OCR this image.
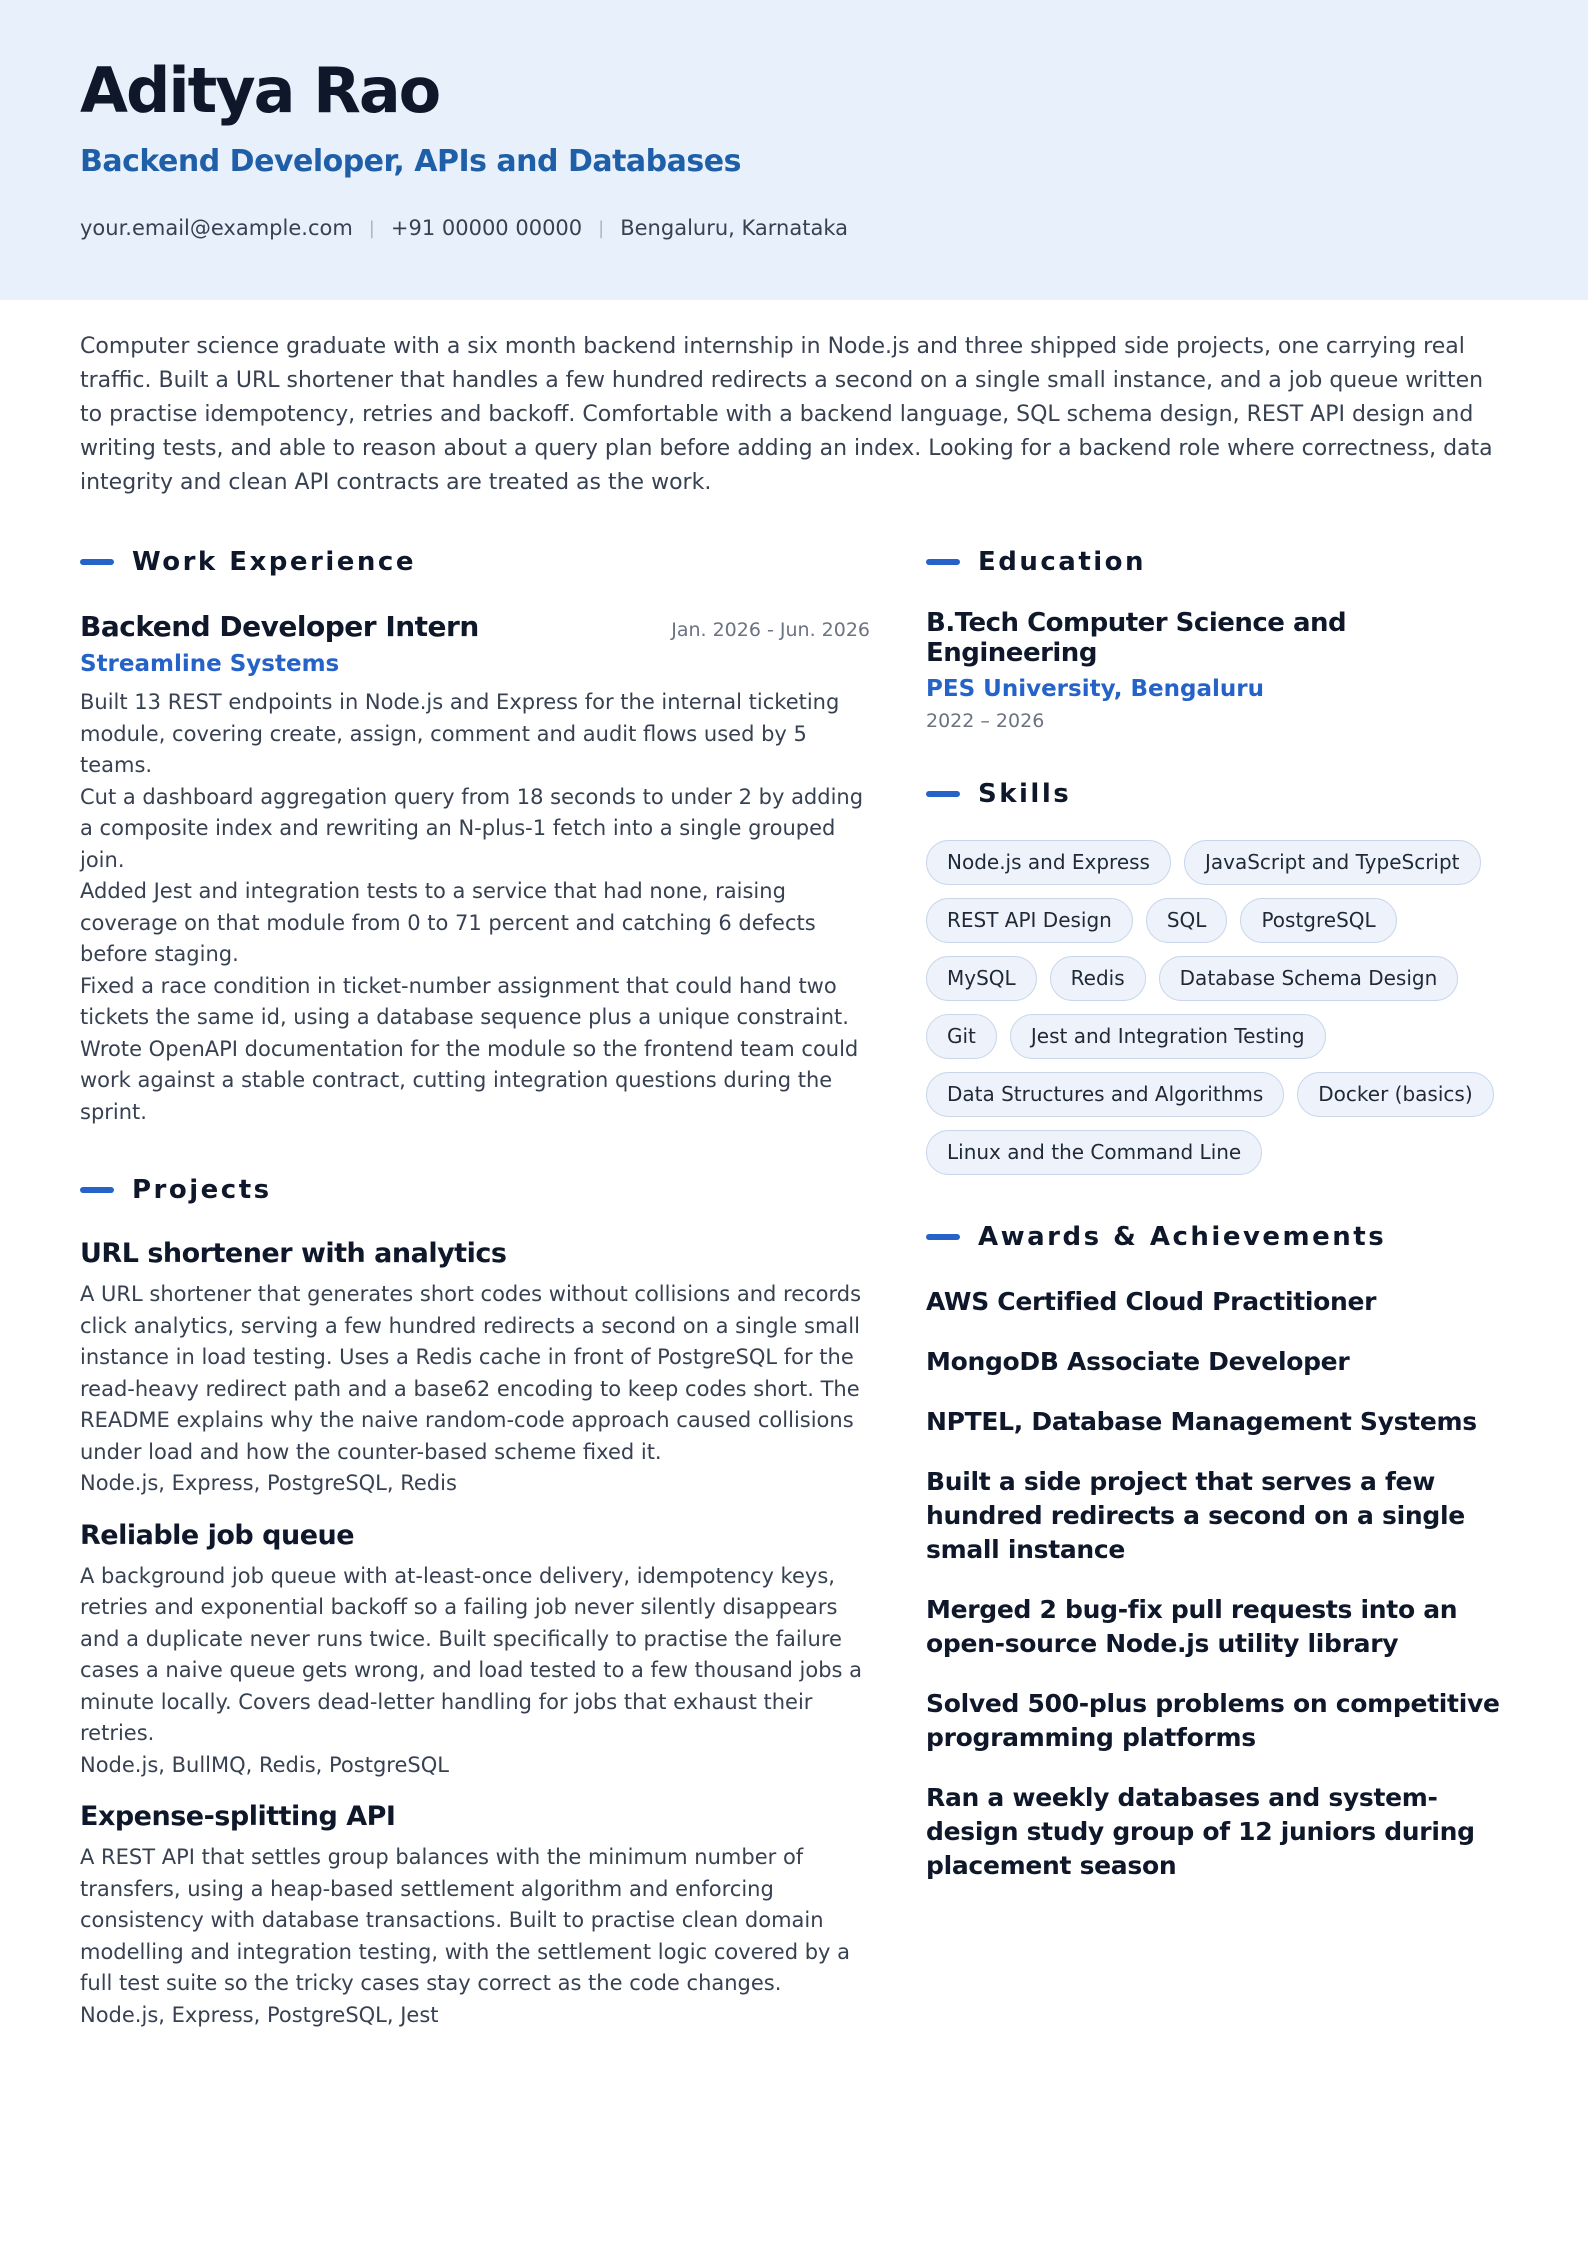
Aditya Rao
Backend Developer, APIs and Databases
your.email@example.com | +91 00000 00000 | Bengaluru, Karnataka
Computer science graduate with a six month backend internship in Node.js and three shipped side projects, one carrying real traffic. Built a URL shortener that handles a few hundred redirects a second on a single small instance, and a job queue written to practise idempotency, retries and backoff. Comfortable with a backend language, SQL schema design, REST API design and writing tests, and able to reason about a query plan before adding an index. Looking for a backend role where correctness, data integrity and clean API contracts are treated as the work.
Work Experience
Backend Developer Intern	Jan. 2026 - Jun. 2026
Streamline Systems
Built 13 REST endpoints in Node.js and Express for the internal ticketing module, covering create, assign, comment and audit flows used by 5 teams.
Cut a dashboard aggregation query from 18 seconds to under 2 by adding a composite index and rewriting an N-plus-1 fetch into a single grouped join.
Added Jest and integration tests to a service that had none, raising coverage on that module from 0 to 71 percent and catching 6 defects before staging.
Fixed a race condition in ticket-number assignment that could hand two tickets the same id, using a database sequence plus a unique constraint.
Wrote OpenAPI documentation for the module so the frontend team could work against a stable contract, cutting integration questions during the sprint.
Projects
URL shortener with analytics
A URL shortener that generates short codes without collisions and records click analytics, serving a few hundred redirects a second on a single small instance in load testing. Uses a Redis cache in front of PostgreSQL for the read-heavy redirect path and a base62 encoding to keep codes short. The README explains why the naive random-code approach caused collisions under load and how the counter-based scheme fixed it.
Node.js, Express, PostgreSQL, Redis
Reliable job queue
A background job queue with at-least-once delivery, idempotency keys, retries and exponential backoff so a failing job never silently disappears and a duplicate never runs twice. Built specifically to practise the failure cases a naive queue gets wrong, and load tested to a few thousand jobs a minute locally. Covers dead-letter handling for jobs that exhaust their retries.
Node.js, BullMQ, Redis, PostgreSQL
Expense-splitting API
A REST API that settles group balances with the minimum number of transfers, using a heap-based settlement algorithm and enforcing consistency with database transactions. Built to practise clean domain modelling and integration testing, with the settlement logic covered by a full test suite so the tricky cases stay correct as the code changes.
Node.js, Express, PostgreSQL, Jest
Education
B.Tech Computer Science and Engineering
PES University, Bengaluru
2022 – 2026
Skills
Node.js and Express	JavaScript and TypeScript
REST API Design	SQL	PostgreSQL
MySQL	Redis	Database Schema Design
Git	Jest and Integration Testing
Data Structures and Algorithms	Docker (basics)
Linux and the Command Line
Awards & Achievements
AWS Certified Cloud Practitioner
MongoDB Associate Developer
NPTEL, Database Management Systems
Built a side project that serves a few hundred redirects a second on a single small instance
Merged 2 bug-fix pull requests into an open-source Node.js utility library
Solved 500-plus problems on competitive programming platforms
Ran a weekly databases and system-design study group of 12 juniors during placement season
